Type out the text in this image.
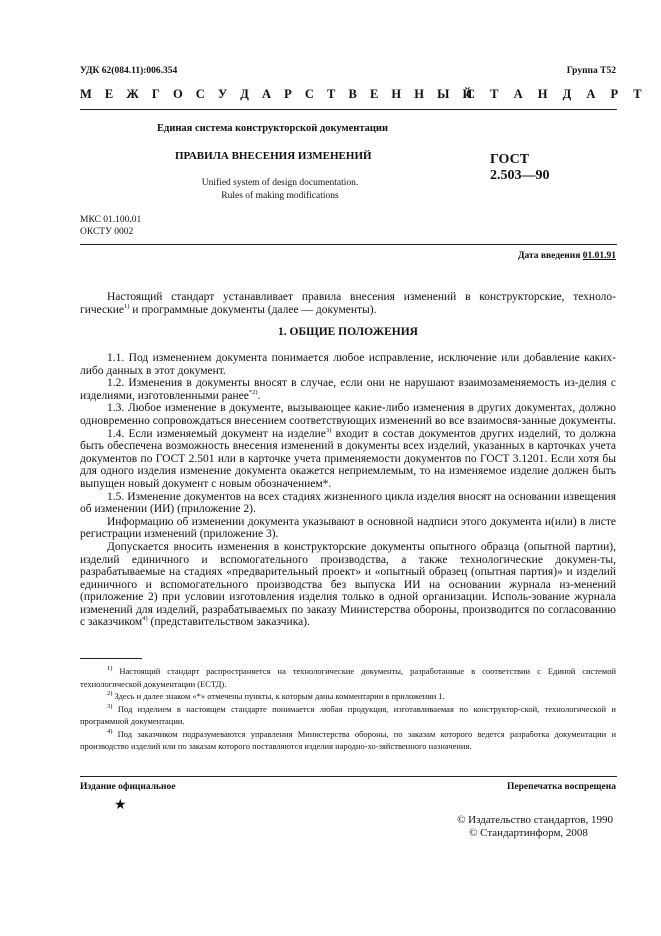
УДК 62(084.11):006.354	Группа Т52
М Е Ж Г О С У Д А Р С Т В Е Н Н Ы Й
С Т А Н Д А Р Т
Единая система конструкторской документации
ПРАВИЛА ВНЕСЕНИЯ ИЗМЕНЕНИЙ
Unified system of design documentation.
Rules of making modifications
ГОСТ
2.503—90
МКС 01.100.01
ОКСТУ 0002
Дата введения 01.01.91

Настоящий стандарт устанавливает правила внесения изменений в конструкторские, техноло-гические$^{1)}$ и программные документы (далее — документы).

1. ОБЩИЕ ПОЛОЖЕНИЯ

1.1. Под изменением документа понимается любое исправление, исключение или добавление каких-либо данных в этот документ.

1.2. Изменения в документы вносят в случае, если они не нарушают взаимозаменяемость из-делия с изделиями, изготовленными ранее$^{*2)}$.

1.3. Любое изменение в документе, вызывающее какие-либо изменения в других документах, должно одновременно сопровождаться внесением соответствующих изменений во все взаимосвя-занные документы.

1.4. Если изменяемый документ на изделие$^{3)}$ входит в состав документов других изделий, то должна быть обеспечена возможность внесения изменений в документы всех изделий, указанных в карточках учета документов по ГОСТ 2.501 или в карточке учета применяемости документов по ГОСТ 3.1201. Если хотя бы для одного изделия изменение документа окажется неприемлемым, то на изменяемое изделие должен быть выпущен новый документ с новым обозначением*.

1.5. Изменение документов на всех стадиях жизненного цикла изделия вносят на основании извещения об изменении (ИИ) (приложение 2).

Информацию об изменении документа указывают в основной надписи этого документа и(или) в листе регистрации изменений (приложение 3).

Допускается вносить изменения в конструкторские документы опытного образца (опытной партии), изделий единичного и вспомогательного производства, а также технологические докумен-ты, разрабатываемые на стадиях «предварительный проект» и «опытный образец (опытная партия)» и изделий единичного и вспомогательного производства без выпуска ИИ на основании журнала из-менений (приложение 2) при условии изготовления изделия только в одной организации. Исполь-зование журнала изменений для изделий, разрабатываемых по заказу Министерства обороны, производится по согласованию с заказчиком$^{4)}$ (представительством заказчика).

$^{1)}$ Настоящий стандарт распространяется на технологические документы, разработанные в соответствии с Единой системой технологической документации (ЕСТД).

$^{2)}$ Здесь и далее знаком «*» отмечены пункты, к которым даны комментарии в приложении 1.

$^{3)}$ Под изделием в настоящем стандарте понимается любая продукция, изготавливаемая по конструктор-ской, технологической и программной документации.

$^{4)}$ Под заказчиком подразумеваются управления Министерства обороны, по заказам которого ведется разработка документации и производство изделий или по заказам которого поставляются изделия народно-хо-зяйственного назначения.

Издание официальное	Перепечатка воспрещена
★
© Издательство стандартов, 1990
© Стандартинформ, 2008
